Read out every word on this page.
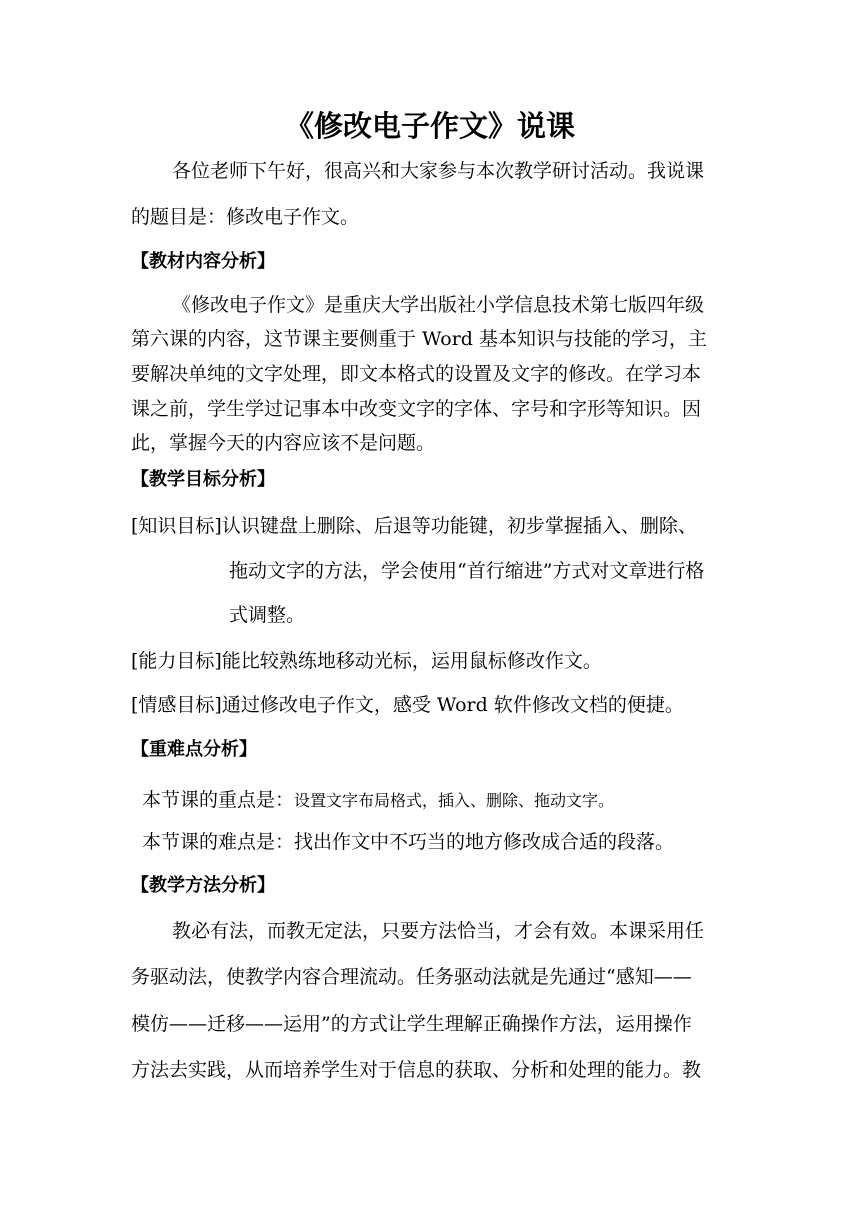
《修改电子作文》说课
各位老师下午好，很高兴和大家参与本次教学研讨活动。我说课
的题目是：修改电子作文。
【教材内容分析】
《修改电子作文》是重庆大学出版社小学信息技术第七版四年级
第六课的内容，这节课主要侧重于 Word 基本知识与技能的学习，主
要解决单纯的文字处理，即文本格式的设置及文字的修改。在学习本
课之前，学生学过记事本中改变文字的字体、字号和字形等知识。因
此，掌握今天的内容应该不是问题。
【教学目标分析】
[知识目标]认识键盘上删除、后退等功能键，初步掌握插入、删除、
拖动文字的方法，学会使用“首行缩进”方式对文章进行格
式调整。
[能力目标]能比较熟练地移动光标，运用鼠标修改作文。
[情感目标]通过修改电子作文，感受 Word 软件修改文档的便捷。
【重难点分析】
本节课的重点是：设置文字布局格式，插入、删除、拖动文字。
本节课的难点是：找出作文中不巧当的地方修改成合适的段落。
【教学方法分析】
教必有法，而教无定法，只要方法恰当，才会有效。本课采用任
务驱动法，使教学内容合理流动。任务驱动法就是先通过“感知——
模仿——迁移——运用”的方式让学生理解正确操作方法，运用操作
方法去实践，从而培养学生对于信息的获取、分析和处理的能力。教
